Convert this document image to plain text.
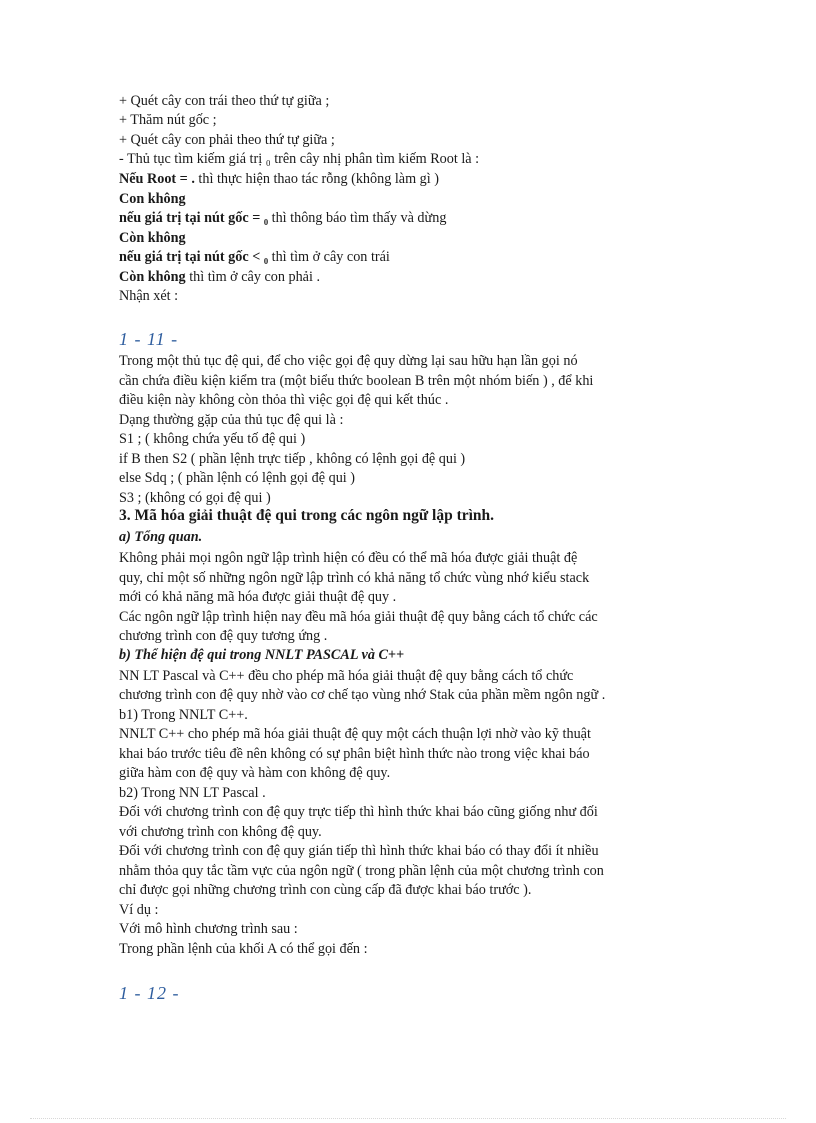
+ Quét cây con trái theo thứ tự giữa ;
+ Thăm nút gốc ;
+ Quét cây con phải theo thứ tự giữa ;
- Thủ tục tìm kiếm giá trị ₀ trên cây nhị phân tìm kiếm Root là :
Nếu Root = . thì thực hiện thao tác rỗng (không làm gì )
Con không
nếu giá trị tại nút gốc = ₀ thì thông báo tìm thấy và dừng
Còn không
nếu giá trị tại nút gốc < ₀ thì tìm ở cây con trái
Còn không thì tìm ở cây con phải .
Nhận xét :
1 - 11 -
Trong một thủ tục đệ qui, để cho việc gọi đệ quy dừng lại sau hữu hạn lần gọi nó
cần chứa điều kiện kiểm tra (một biểu thức boolean B trên một nhóm biến ) , để khi
điều kiện này không còn thỏa thì việc gọi đệ qui kết thúc .
Dạng thường gặp của thủ tục đệ qui là :
S1 ; ( không chứa yếu tố đệ qui )
if B then S2 ( phần lệnh trực tiếp , không có lệnh gọi đệ qui )
else Sdq ; ( phần lệnh có lệnh gọi đệ qui )
S3 ; (không có gọi đệ qui )
3. Mã hóa giải thuật đệ qui trong các ngôn ngữ lập trình.
a) Tổng quan.
Không phải mọi ngôn ngữ lập trình hiện có đều có thể mã hóa được giải thuật đệ
quy, chỉ một số những ngôn ngữ lập trình có khả năng tổ chức vùng nhớ kiểu stack
mới có khả năng mã hóa được giải thuật đệ quy .
Các ngôn ngữ lập trình hiện nay đều mã hóa giải thuật đệ quy bằng cách tổ chức các
chương trình con đệ quy tương ứng .
b) Thể hiện đệ qui trong NNLT PASCAL và C++
NN LT Pascal và C++ đều cho phép mã hóa giải thuật đệ quy bằng cách tổ chức
chương trình con đệ quy nhờ vào cơ chế tạo vùng nhớ Stak của phần mềm ngôn ngữ .
b1) Trong NNLT C++.
NNLT C++ cho phép mã hóa giải thuật đệ quy một cách thuận lợi nhờ vào kỹ thuật
khai báo trước tiêu đề nên không có sự phân biệt hình thức nào trong việc khai báo
giữa hàm con đệ quy và hàm con không đệ quy.
b2) Trong NN LT Pascal .
Đối với chương trình con đệ quy trực tiếp thì hình thức khai báo cũng giống như đối
với chương trình con không đệ quy.
Đối với chương trình con đệ quy gián tiếp thì hình thức khai báo có thay đổi ít nhiều
nhằm thỏa quy tắc tầm vực của ngôn ngữ ( trong phần lệnh của một chương trình con
chỉ được gọi những chương trình con cùng cấp đã được khai báo trước ).
Ví dụ :
Với mô hình chương trình sau :
Trong phần lệnh của khối A có thể gọi đến :
1 - 12 -
